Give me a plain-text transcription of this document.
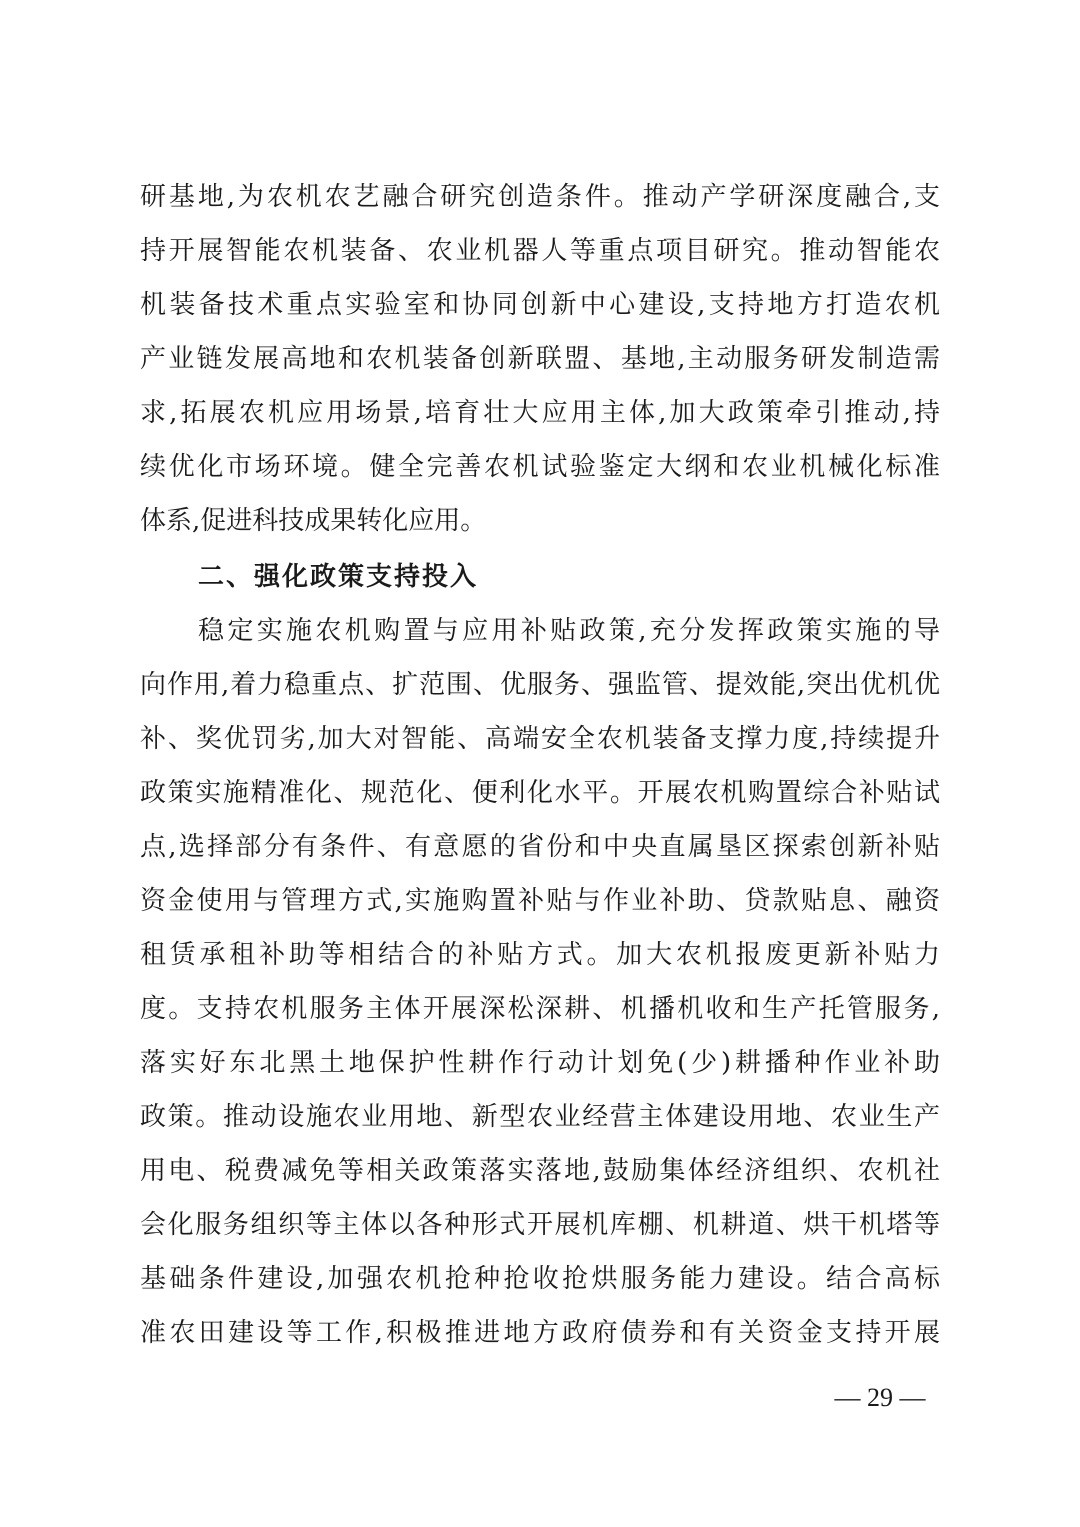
研基地,为农机农艺融合研究创造条件。推动产学研深度融合,支
持开展智能农机装备、农业机器人等重点项目研究。推动智能农
机装备技术重点实验室和协同创新中心建设,支持地方打造农机
产业链发展高地和农机装备创新联盟、基地,主动服务研发制造需
求,拓展农机应用场景,培育壮大应用主体,加大政策牵引推动,持
续优化市场环境。健全完善农机试验鉴定大纲和农业机械化标准
体系,促进科技成果转化应用。
二、强化政策支持投入
稳定实施农机购置与应用补贴政策,充分发挥政策实施的导
向作用,着力稳重点、扩范围、优服务、强监管、提效能,突出优机优
补、奖优罚劣,加大对智能、高端安全农机装备支撑力度,持续提升
政策实施精准化、规范化、便利化水平。开展农机购置综合补贴试
点,选择部分有条件、有意愿的省份和中央直属垦区探索创新补贴
资金使用与管理方式,实施购置补贴与作业补助、贷款贴息、融资
租赁承租补助等相结合的补贴方式。加大农机报废更新补贴力
度。支持农机服务主体开展深松深耕、机播机收和生产托管服务,
落实好东北黑土地保护性耕作行动计划免(少)耕播种作业补助
政策。推动设施农业用地、新型农业经营主体建设用地、农业生产
用电、税费减免等相关政策落实落地,鼓励集体经济组织、农机社
会化服务组织等主体以各种形式开展机库棚、机耕道、烘干机塔等
基础条件建设,加强农机抢种抢收抢烘服务能力建设。结合高标
准农田建设等工作,积极推进地方政府债券和有关资金支持开展
— 29 —
